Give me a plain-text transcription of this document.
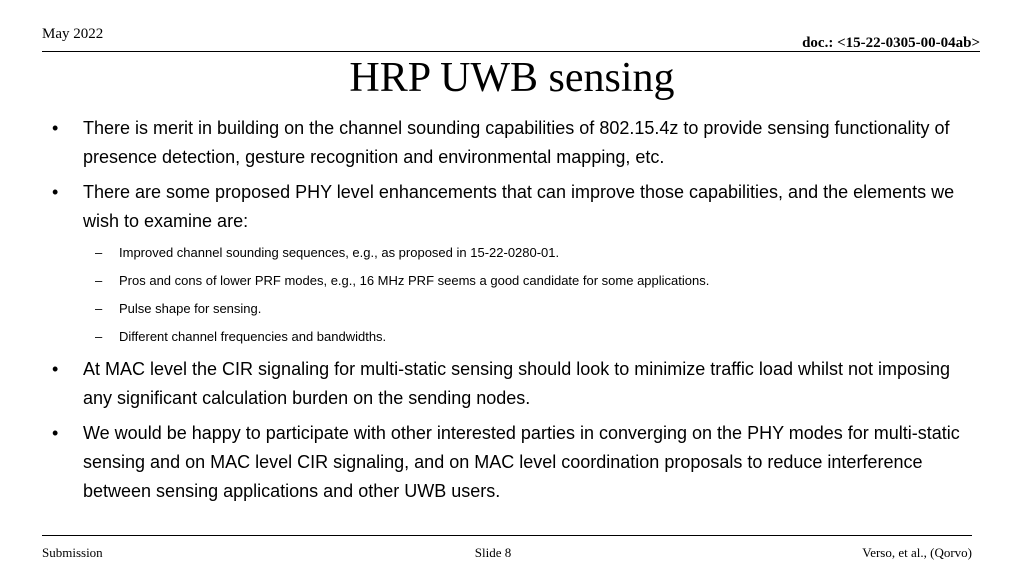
May 2022
doc.: <15-22-0305-00-04ab>
HRP UWB sensing
• There is merit in building on the channel sounding capabilities of 802.15.4z to provide sensing functionality of presence detection, gesture recognition and environmental mapping, etc.
• There are some proposed PHY level enhancements that can improve those capabilities, and the elements we wish to examine are:
– Improved channel sounding sequences, e.g., as proposed in 15-22-0280-01.
– Pros and cons of lower PRF modes, e.g., 16 MHz PRF seems a good candidate for some applications.
– Pulse shape for sensing.
– Different channel frequencies and bandwidths.
• At MAC level the CIR signaling for multi-static sensing should look to minimize traffic load whilst not imposing any significant calculation burden on the sending nodes.
• We would be happy to participate with other interested parties in converging on the PHY modes for multi-static sensing and on MAC level CIR signaling, and on MAC level coordination proposals to reduce interference between sensing applications and other UWB users.
Submission	Slide 8	Verso, et al., (Qorvo)
